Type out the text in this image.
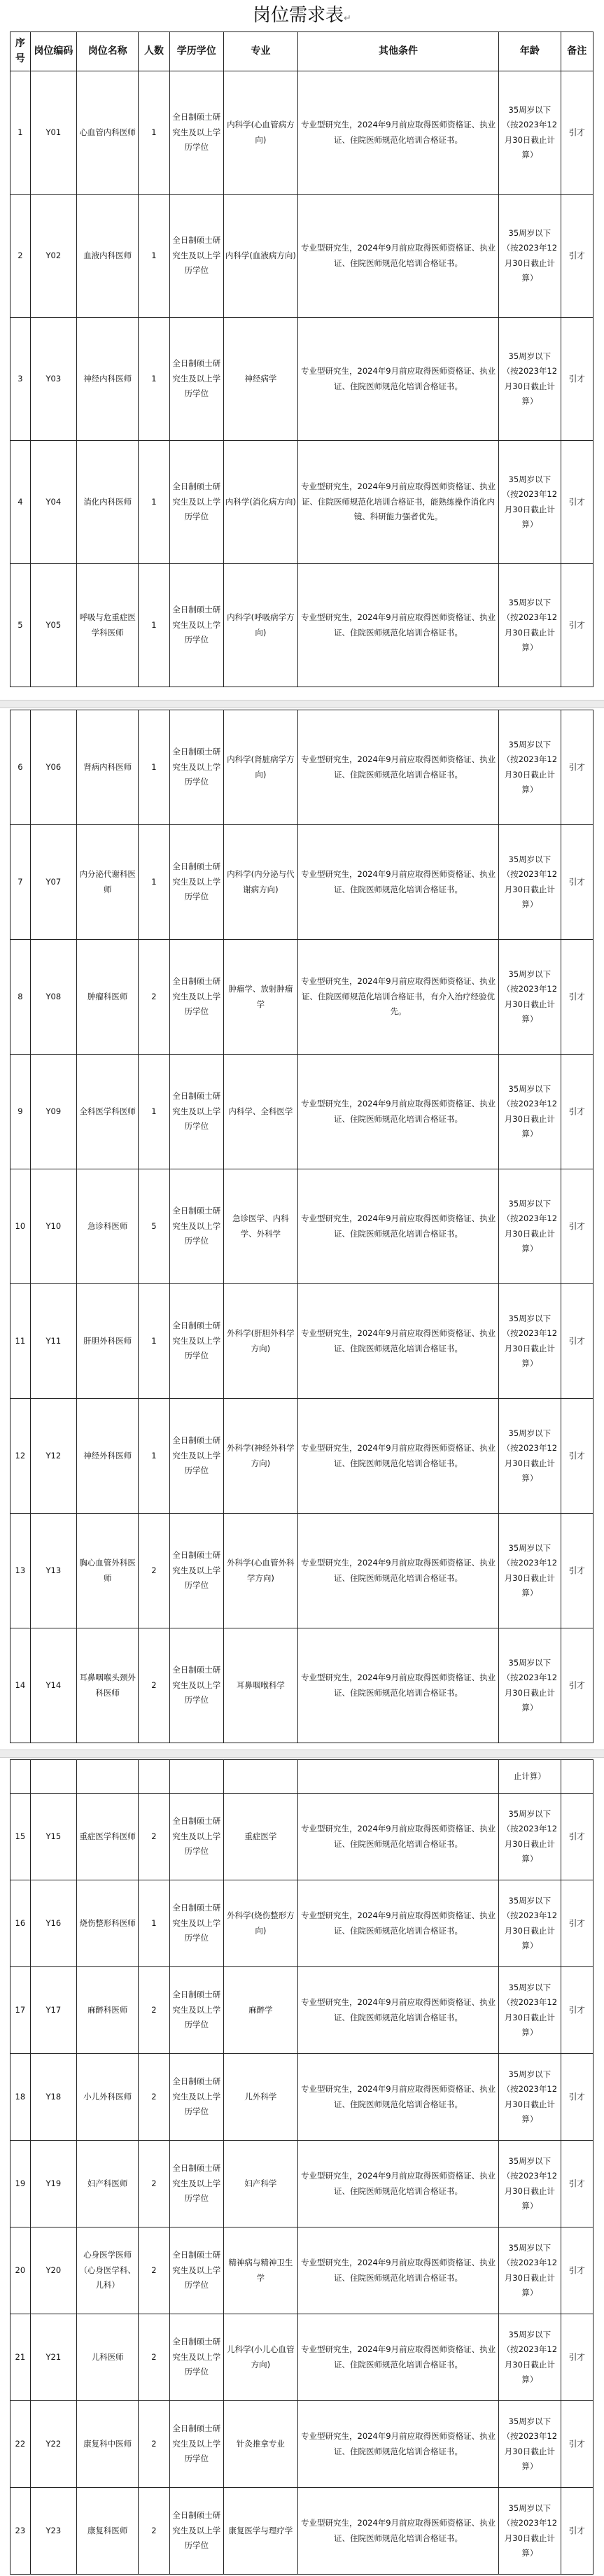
岗位需求表↵
序号	岗位编码	岗位名称	人数	学历学位	专业	其他条件	年龄	备注
1	Y01	心血管内科医师	1	全日制硕士研究生及以上学历学位	内科学(心血管病方向)	专业型研究生，2024年9月前应取得医师资格证、执业证、住院医师规范化培训合格证书。	35周岁以下（按2023年12月30日截止计算）	引才
2	Y02	血液内科医师	1	全日制硕士研究生及以上学历学位	内科学(血液病方向)	专业型研究生，2024年9月前应取得医师资格证、执业证、住院医师规范化培训合格证书。	35周岁以下（按2023年12月30日截止计算）	引才
3	Y03	神经内科医师	1	全日制硕士研究生及以上学历学位	神经病学	专业型研究生，2024年9月前应取得医师资格证、执业证、住院医师规范化培训合格证书。	35周岁以下（按2023年12月30日截止计算）	引才
4	Y04	消化内科医师	1	全日制硕士研究生及以上学历学位	内科学(消化病方向)	专业型研究生，2024年9月前应取得医师资格证、执业证、住院医师规范化培训合格证书，能熟练操作消化内镜、科研能力强者优先。	35周岁以下（按2023年12月30日截止计算）	引才
5	Y05	呼吸与危重症医学科医师	1	全日制硕士研究生及以上学历学位	内科学(呼吸病学方向)	专业型研究生，2024年9月前应取得医师资格证、执业证、住院医师规范化培训合格证书。	35周岁以下（按2023年12月30日截止计算）	引才
6	Y06	肾病内科医师	1	全日制硕士研究生及以上学历学位	内科学(肾脏病学方向)	专业型研究生，2024年9月前应取得医师资格证、执业证、住院医师规范化培训合格证书。	35周岁以下（按2023年12月30日截止计算）	引才
7	Y07	内分泌代谢科医师	1	全日制硕士研究生及以上学历学位	内科学(内分泌与代谢病方向)	专业型研究生，2024年9月前应取得医师资格证、执业证、住院医师规范化培训合格证书。	35周岁以下（按2023年12月30日截止计算）	引才
8	Y08	肿瘤科医师	2	全日制硕士研究生及以上学历学位	肿瘤学、放射肿瘤学	专业型研究生，2024年9月前应取得医师资格证、执业证、住院医师规范化培训合格证书，有介入治疗经验优先。	35周岁以下（按2023年12月30日截止计算）	引才
9	Y09	全科医学科医师	1	全日制硕士研究生及以上学历学位	内科学、全科医学	专业型研究生，2024年9月前应取得医师资格证、执业证、住院医师规范化培训合格证书。	35周岁以下（按2023年12月30日截止计算）	引才
10	Y10	急诊科医师	5	全日制硕士研究生及以上学历学位	急诊医学、内科学、外科学	专业型研究生，2024年9月前应取得医师资格证、执业证、住院医师规范化培训合格证书。	35周岁以下（按2023年12月30日截止计算）	引才
11	Y11	肝胆外科医师	1	全日制硕士研究生及以上学历学位	外科学(肝胆外科学方向)	专业型研究生，2024年9月前应取得医师资格证、执业证、住院医师规范化培训合格证书。	35周岁以下（按2023年12月30日截止计算）	引才
12	Y12	神经外科医师	1	全日制硕士研究生及以上学历学位	外科学(神经外科学方向)	专业型研究生，2024年9月前应取得医师资格证、执业证、住院医师规范化培训合格证书。	35周岁以下（按2023年12月30日截止计算）	引才
13	Y13	胸心血管外科医师	2	全日制硕士研究生及以上学历学位	外科学(心血管外科学方向)	专业型研究生，2024年9月前应取得医师资格证、执业证、住院医师规范化培训合格证书。	35周岁以下（按2023年12月30日截止计算）	引才
14	Y14	耳鼻咽喉头颈外科医师	2	全日制硕士研究生及以上学历学位	耳鼻咽喉科学	专业型研究生，2024年9月前应取得医师资格证、执业证、住院医师规范化培训合格证书。	35周岁以下（按2023年12月30日截止计算）	引才
							止计算）	
15	Y15	重症医学科医师	2	全日制硕士研究生及以上学历学位	重症医学	专业型研究生，2024年9月前应取得医师资格证、执业证、住院医师规范化培训合格证书。	35周岁以下（按2023年12月30日截止计算）	引才
16	Y16	烧伤整形科医师	1	全日制硕士研究生及以上学历学位	外科学(烧伤整形方向)	专业型研究生，2024年9月前应取得医师资格证、执业证、住院医师规范化培训合格证书。	35周岁以下（按2023年12月30日截止计算）	引才
17	Y17	麻醉科医师	2	全日制硕士研究生及以上学历学位	麻醉学	专业型研究生，2024年9月前应取得医师资格证、执业证、住院医师规范化培训合格证书。	35周岁以下（按2023年12月30日截止计算）	引才
18	Y18	小儿外科医师	2	全日制硕士研究生及以上学历学位	儿外科学	专业型研究生，2024年9月前应取得医师资格证、执业证、住院医师规范化培训合格证书。	35周岁以下（按2023年12月30日截止计算）	引才
19	Y19	妇产科医师	2	全日制硕士研究生及以上学历学位	妇产科学	专业型研究生，2024年9月前应取得医师资格证、执业证、住院医师规范化培训合格证书。	35周岁以下（按2023年12月30日截止计算）	引才
20	Y20	心身医学医师（心身医学科、儿科）	2	全日制硕士研究生及以上学历学位	精神病与精神卫生学	专业型研究生，2024年9月前应取得医师资格证、执业证、住院医师规范化培训合格证书。	35周岁以下（按2023年12月30日截止计算）	引才
21	Y21	儿科医师	2	全日制硕士研究生及以上学历学位	儿科学(小儿心血管方向)	专业型研究生，2024年9月前应取得医师资格证、执业证、住院医师规范化培训合格证书。	35周岁以下（按2023年12月30日截止计算）	引才
22	Y22	康复科中医师	2	全日制硕士研究生及以上学历学位	针灸推拿专业	专业型研究生，2024年9月前应取得医师资格证、执业证、住院医师规范化培训合格证书。	35周岁以下（按2023年12月30日截止计算）	引才
23	Y23	康复科医师	2	全日制硕士研究生及以上学历学位	康复医学与理疗学	专业型研究生，2024年9月前应取得医师资格证、执业证、住院医师规范化培训合格证书。	35周岁以下（按2023年12月30日截止计算）	引才
